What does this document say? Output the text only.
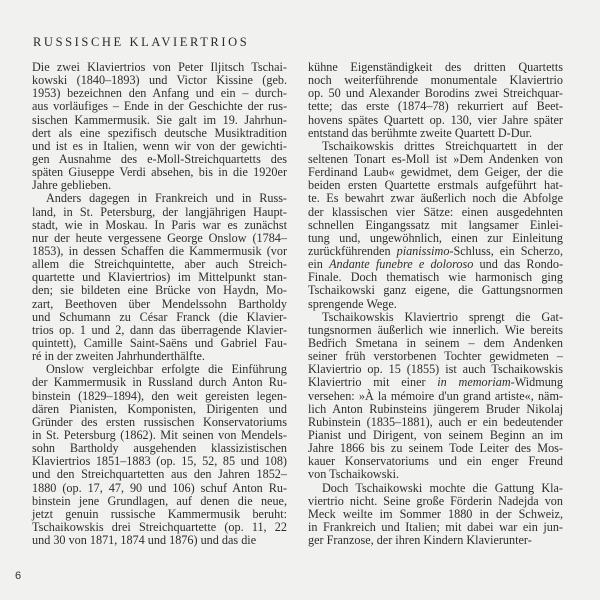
RUSSISCHE KLAVIERTRIOS
Die zwei Klaviertrios von Peter Iljitsch Tschai-
kowski (1840–1893) und Victor Kissine (geb.
1953) bezeichnen den Anfang und ein – durch-
aus vorläufiges – Ende in der Geschichte der rus-
sischen Kammermusik. Sie galt im 19. Jahrhun-
dert als eine spezifisch deutsche Musiktradition
und ist es in Italien, wenn wir von der gewichti-
gen Ausnahme des e-Moll-Streichquartetts des
späten Giuseppe Verdi absehen, bis in die 1920er
Jahre geblieben.
Anders dagegen in Frankreich und in Russ-
land, in St. Petersburg, der langjährigen Haupt-
stadt, wie in Moskau. In Paris war es zunächst
nur der heute vergessene George Onslow (1784–
1853), in dessen Schaffen die Kammermusik (vor
allem die Streichquintette, aber auch Streich-
quartette und Klaviertrios) im Mittelpunkt stan-
den; sie bildeten eine Brücke von Haydn, Mo-
zart, Beethoven über Mendelssohn Bartholdy
und Schumann zu César Franck (die Klavier-
trios op. 1 und 2, dann das überragende Klavier-
quintett), Camille Saint-Saëns und Gabriel Fau-
ré in der zweiten Jahrhunderthälfte.
Onslow vergleichbar erfolgte die Einführung
der Kammermusik in Russland durch Anton Ru-
binstein (1829–1894), den weit gereisten legen-
dären Pianisten, Komponisten, Dirigenten und
Gründer des ersten russischen Konservatoriums
in St. Petersburg (1862). Mit seinen von Mendels-
sohn Bartholdy ausgehenden klassizistischen
Klaviertrios 1851–1883 (op. 15, 52, 85 und 108)
und den Streichquartetten aus den Jahren 1852–
1880 (op. 17, 47, 90 und 106) schuf Anton Ru-
binstein jene Grundlagen, auf denen die neue,
jetzt genuin russische Kammermusik beruht:
Tschaikowskis drei Streichquartette (op. 11, 22
und 30 von 1871, 1874 und 1876) und das die
kühne Eigenständigkeit des dritten Quartetts
noch weiterführende monumentale Klaviertrio
op. 50 und Alexander Borodins zwei Streichquar-
tette; das erste (1874–78) rekurriert auf Beet-
hovens spätes Quartett op. 130, vier Jahre später
entstand das berühmte zweite Quartett D-Dur.
Tschaikowskis drittes Streichquartett in der
seltenen Tonart es-Moll ist »Dem Andenken von
Ferdinand Laub« gewidmet, dem Geiger, der die
beiden ersten Quartette erstmals aufgeführt hat-
te. Es bewahrt zwar äußerlich noch die Abfolge
der klassischen vier Sätze: einen ausgedehnten
schnellen Eingangssatz mit langsamer Einlei-
tung und, ungewöhnlich, einen zur Einleitung
zurückführenden pianissimo-Schluss, ein Scherzo,
ein Andante funebre e doloroso und das Rondo-
Finale. Doch thematisch wie harmonisch ging
Tschaikowski ganz eigene, die Gattungsnormen
sprengende Wege.
Tschaikowskis Klaviertrio sprengt die Gat-
tungsnormen äußerlich wie innerlich. Wie bereits
Bedřich Smetana in seinem – dem Andenken
seiner früh verstorbenen Tochter gewidmeten –
Klaviertrio op. 15 (1855) ist auch Tschaikowskis
Klaviertrio mit einer in memoriam-Widmung
versehen: »À la mémoire d'un grand artiste«, näm-
lich Anton Rubinsteins jüngerem Bruder Nikolaj
Rubinstein (1835–1881), auch er ein bedeutender
Pianist und Dirigent, von seinem Beginn an im
Jahre 1866 bis zu seinem Tode Leiter des Mos-
kauer Konservatoriums und ein enger Freund
von Tschaikowski.
Doch Tschaikowski mochte die Gattung Kla-
viertrio nicht. Seine große Förderin Nadejda von
Meck weilte im Sommer 1880 in der Schweiz,
in Frankreich und Italien; mit dabei war ein jun-
ger Franzose, der ihren Kindern Klavierunter-
6
